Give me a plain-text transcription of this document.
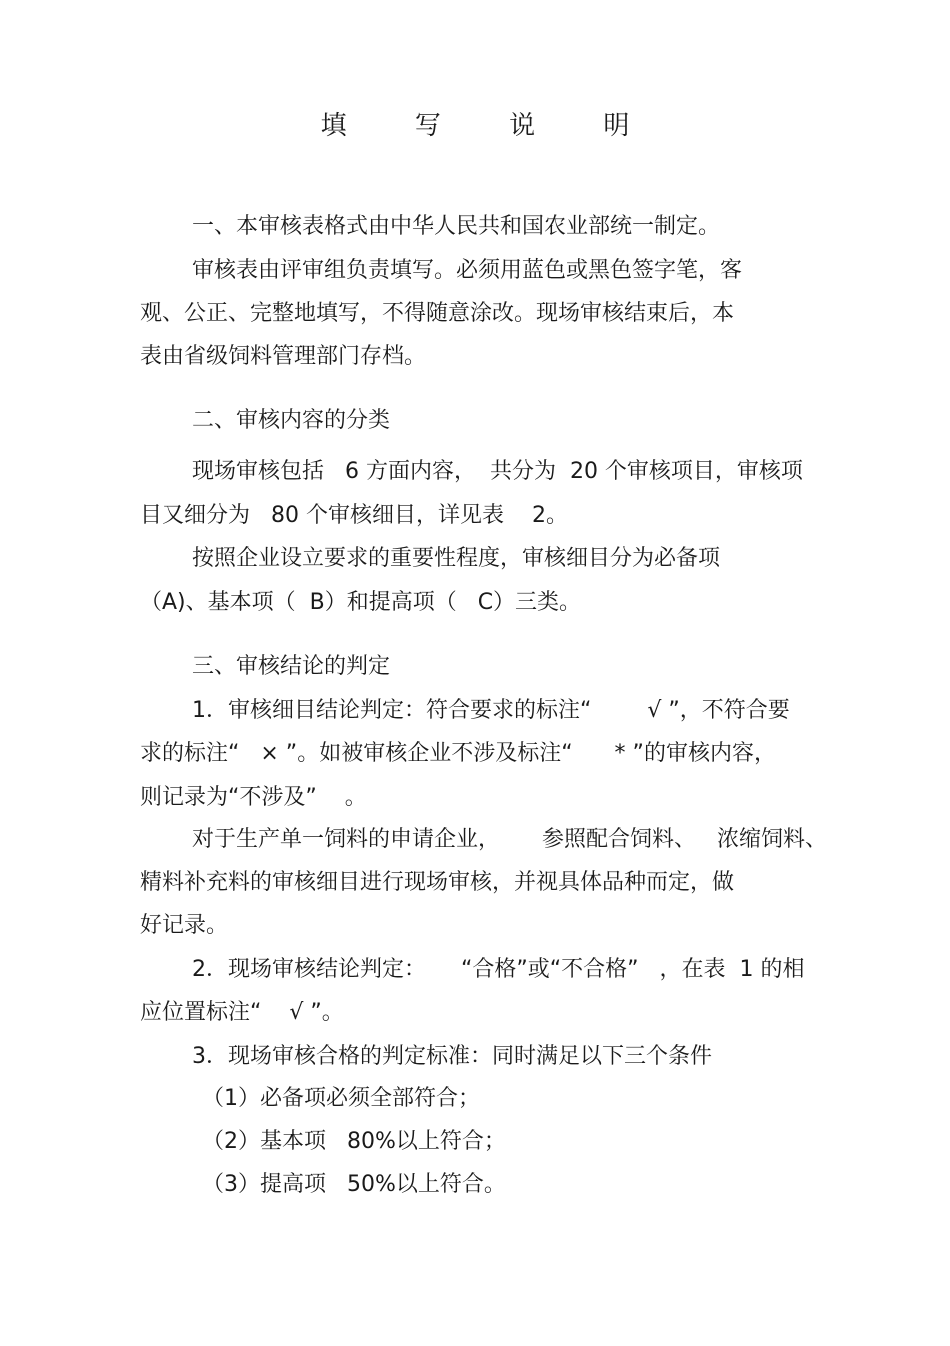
填 写 说 明
一、本审核表格式由中华人民共和国农业部统一制定。
审核表由评审组负责填写。必须用蓝色或黑色签字笔，客
观、公正、完整地填写，不得随意涂改。现场审核结束后，本
表由省级饲料管理部门存档。
二、审核内容的分类
现场审核包括   6 方面内容，  共分为  20 个审核项目，审核项
目又细分为   80 个审核细目，详见表    2。
按照企业设立要求的重要性程度，审核细目分为必备项
（A)、基本项（  B）和提高项（   C）三类。
三、审核结论的判定
1．审核细目结论判定：符合要求的标注“        √ ”，不符合要
求的标注“   × ”。如被审核企业不涉及标注“      * ”的审核内容，
则记录为“不涉及”    。
对于生产单一饲料的申请企业，      参照配合饲料、   浓缩饲料、
精料补充料的审核细目进行现场审核，并视具体品种而定，做
好记录。
2．现场审核结论判定：     “合格”或“不合格”   ，在表  1 的相
应位置标注“    √ ”。
3．现场审核合格的判定标准：同时满足以下三个条件
（1）必备项必须全部符合；
（2）基本项   80%以上符合；
（3）提高项   50%以上符合。
